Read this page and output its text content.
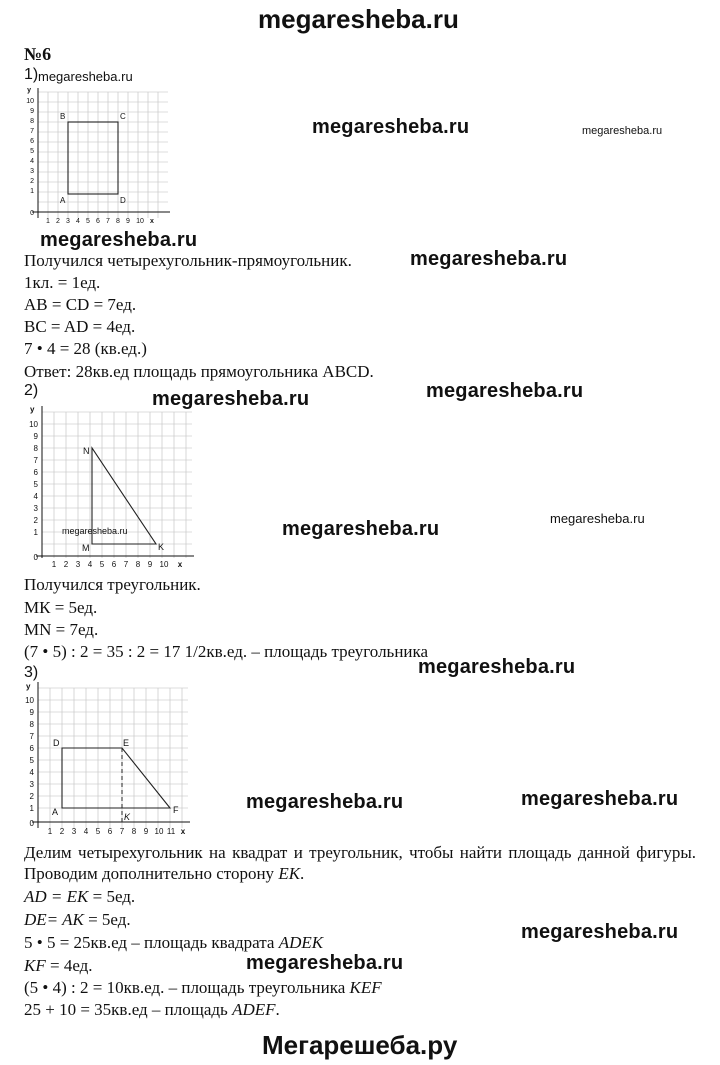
megaresheba.ru
№6
1) megaresheba.ru
y
10
9
8
7
6
5
4
3
2
1
0
1 2 3 4 5 6 7 8 9 10 x
B	C
A	D
megaresheba.ru	megaresheba.ru
megaresheba.ru
Получился четырехугольник-прямоугольник.	megaresheba.ru
1кл. = 1ед.
AB = CD = 7ед.
BC = AD = 4ед.
7 • 4 = 28 (кв.ед.)
Ответ: 28кв.ед площадь прямоугольника ABCD.
2)	megaresheba.ru	megaresheba.ru
y
10
9
8
7
6
5
4
3
2
1
0
1 2 3 4 5 6 7 8 9 10 x
N
M	K
megaresheba.ru	megaresheba.ru	megaresheba.ru
Получился треугольник.
MК = 5ед.
MN = 7ед.
(7 • 5) : 2 = 35 : 2 = 17 1/2кв.ед. – площадь треугольника
megaresheba.ru
3)
y
10
9
8
7
6
5
4
3
2
1
0
1 2 3 4 5 6 7 8 9 10 11 x
D	E
A	F
K
megaresheba.ru	megaresheba.ru
Делим четырехугольник на квадрат и треугольник, чтобы найти площадь данной фигуры. Проводим дополнительно сторону EK.
AD = EK = 5ед.
DE= AK = 5ед.
5 • 5 = 25кв.ед – площадь квадрата ADEK	megaresheba.ru
KF = 4ед.	megaresheba.ru
(5 • 4) : 2 = 10кв.ед. – площадь треугольника KEF
25 + 10 = 35кв.ед – площадь ADEF.
Мегарешеба.ру
